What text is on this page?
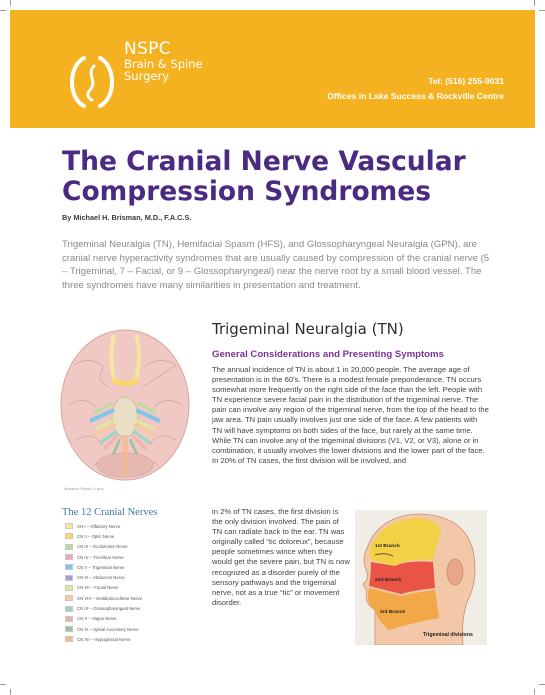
NSPC
Brain & Spine
Surgery	Tel: (516) 255-9031
Offices in Lake Success & Rockville Centre
The Cranial Nerve Vascular
Compression Syndromes
By Michael H. Brisman, M.D., F.A.C.S.

Trigeminal Neuralgia (TN), Hemifacial Spasm (HFS), and Glossopharyngeal Neuralgia (GPN), are cranial nerve hyperactivity syndromes that are usually caused by compression of the cranial nerve (5 – Trigeminal, 7 – Facial, or 9 – Glossopharyngeal) near the nerve root by a small blood vessel. The three syndromes have many similarities in presentation and treatment.

Illustration: Patricia J. Lynch
The 12 Cranial Nerves
CN I – Olfactory Nerve
CN II – Optic Nerve
CN III – Oculomotor Nerve
CN IV – Trochlear Nerve
CN V – Trigeminal Nerve
CN VI – Abducens Nerve
CN VII – Facial Nerve
CN VIII – Vestibulocochlear Nerve
CN IX – Glossopharyngeal Nerve
CN X – Vagus Nerve
CN XI – Spinal Accessory Nerve
CN XII – Hypoglossal Nerve
Trigeminal Neuralgia (TN)
General Considerations and Presenting Symptoms

The annual incidence of TN is about 1 in 20,000 people. The average age of presentation is in the 60's. There is a modest female preponderance. TN occurs somewhat more frequently on the right side of the face than the left. People with TN experience severe facial pain in the distribution of the trigeminal nerve. The pain can involve any region of the trigeminal nerve, from the top of the head to the jaw area. TN pain usually involves just one side of the face. A few patients with TN will have symptoms on both sides of the face, but rarely at the same time. While TN can involve any of the trigeminal divisions (V1, V2, or V3), alone or in combination, it usually involves the lower divisions and the lower part of the face. In 20% of TN cases, the first division will be involved, and

in 2% of TN cases, the first division is the only division involved. The pain of TN can radiate back to the ear. TN was originally called “tic doloreux”, because people sometimes wince when they would get the severe pain, but TN is now recognized as a disorder purely of the sensory pathways and the trigeminal nerve, not as a true “tic” or movement disorder.

1st Branch
2nd Branch
3rd Branch
Trigeminal divisions
